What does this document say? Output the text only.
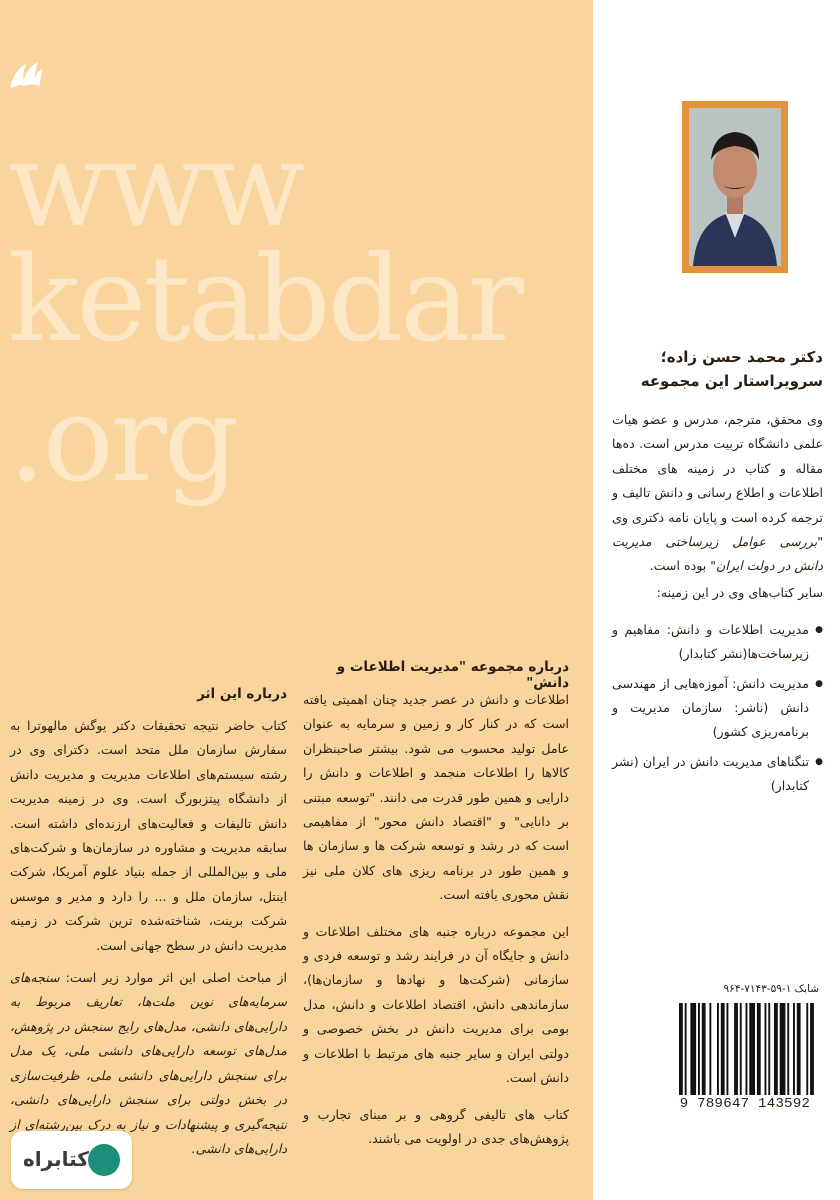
www
ketabdar
.org
درباره این اثر

کتاب حاضر نتیجه تحقیقات دکتر یوگش مالهوترا به سفارش سازمان ملل متحد است. دکترای وی در رشته سیستم‌های اطلاعات مدیریت و مدیریت دانش از دانشگاه پیتزبورگ است. وی در زمینه مدیریت دانش تالیفات و فعالیت‌های ارزنده‌ای داشته است. سابقه مدیریت و مشاوره در سازمان‌ها و شرکت‌های ملی و بین‌المللی از جمله بنیاد علوم آمریکا، شرکت اینتل، سازمان ملل و ... را دارد و مدیر و موسس شرکت برینت، شناخته‌شده ترین شرکت در زمینه مدیریت دانش در سطح جهانی است.

از مباحث اصلی این اثر موارد زیر است: سنجه‌های سرمایه‌های نوین ملت‌ها، تعاریف مربوط به دارایی‌های دانشی، مدل‌های رایج سنجش در پژوهش، مدل‌های توسعه دارایی‌های دانشی ملی، یک مدل برای سنجش دارایی‌های دانشی ملی، ظرفیت‌سازی در بخش دولتی برای سنجش دارایی‌های دانشی، نتیجه‌گیری و پیشنهادات و نیاز به درک بین‌رشته‌ای از دارایی‌های دانشی.

درباره مجموعه "مدیریت اطلاعات و دانش"

اطلاعات و دانش در عصر جدید چنان اهمیتی یافته است که در کنار کار و زمین و سرمایه به عنوان عامل تولید محسوب می شود. بیشتر صاحبنظران کالاها را اطلاعات منجمد و اطلاعات و دانش را دارایی و همین طور قدرت می دانند. "توسعه مبتنی بر دانایی" و "اقتصاد دانش محور" از مفاهیمی است که در رشد و توسعه شرکت ها و سازمان ها و همین طور در برنامه ریزی های کلان ملی نیز نقش محوری یافته است.

این مجموعه درباره جنبه های مختلف اطلاعات و دانش و جایگاه آن در فرایند رشد و توسعه فردی و سازمانی (شرکت‌ها و نهادها و سازمان‌ها)، سازماندهی دانش، اقتصاد اطلاعات و دانش، مدل بومی برای مدیریت دانش در بخش خصوصی و دولتی ایران و سایر جنبه های مرتبط با اطلاعات و دانش است.

کتاب های تالیفی گروهی و بر مبنای تجارب و پژوهش‌های جدی در اولویت می باشند.

کتابراه
دکتر محمد حسن زاده؛
سرویراستار این مجموعه

وی محقق، مترجم، مدرس و عضو هیات علمی دانشگاه تربیت مدرس است. ده‌ها مقاله و کتاب در زمینه های مختلف اطلاعات و اطلاع رسانی و دانش تالیف و ترجمه کرده است و پایان نامه دکتری وی "بررسی عوامل زیرساختی مدیریت دانش در دولت ایران" بوده است.

سایر کتاب‌های وی در این زمینه:

● مدیریت اطلاعات و دانش: مفاهیم و زیرساخت‌ها(نشر کتابدار)
● مدیریت دانش: آموزه‌هایی از مهندسی دانش (ناشر: سازمان مدیریت و برنامه‌ریزی کشور)
● تنگناهای مدیریت دانش در ایران (نشر کتابدار)
شابک ۱-۵۹-۷۱۴۳-۹۶۴
9 789647 143592
